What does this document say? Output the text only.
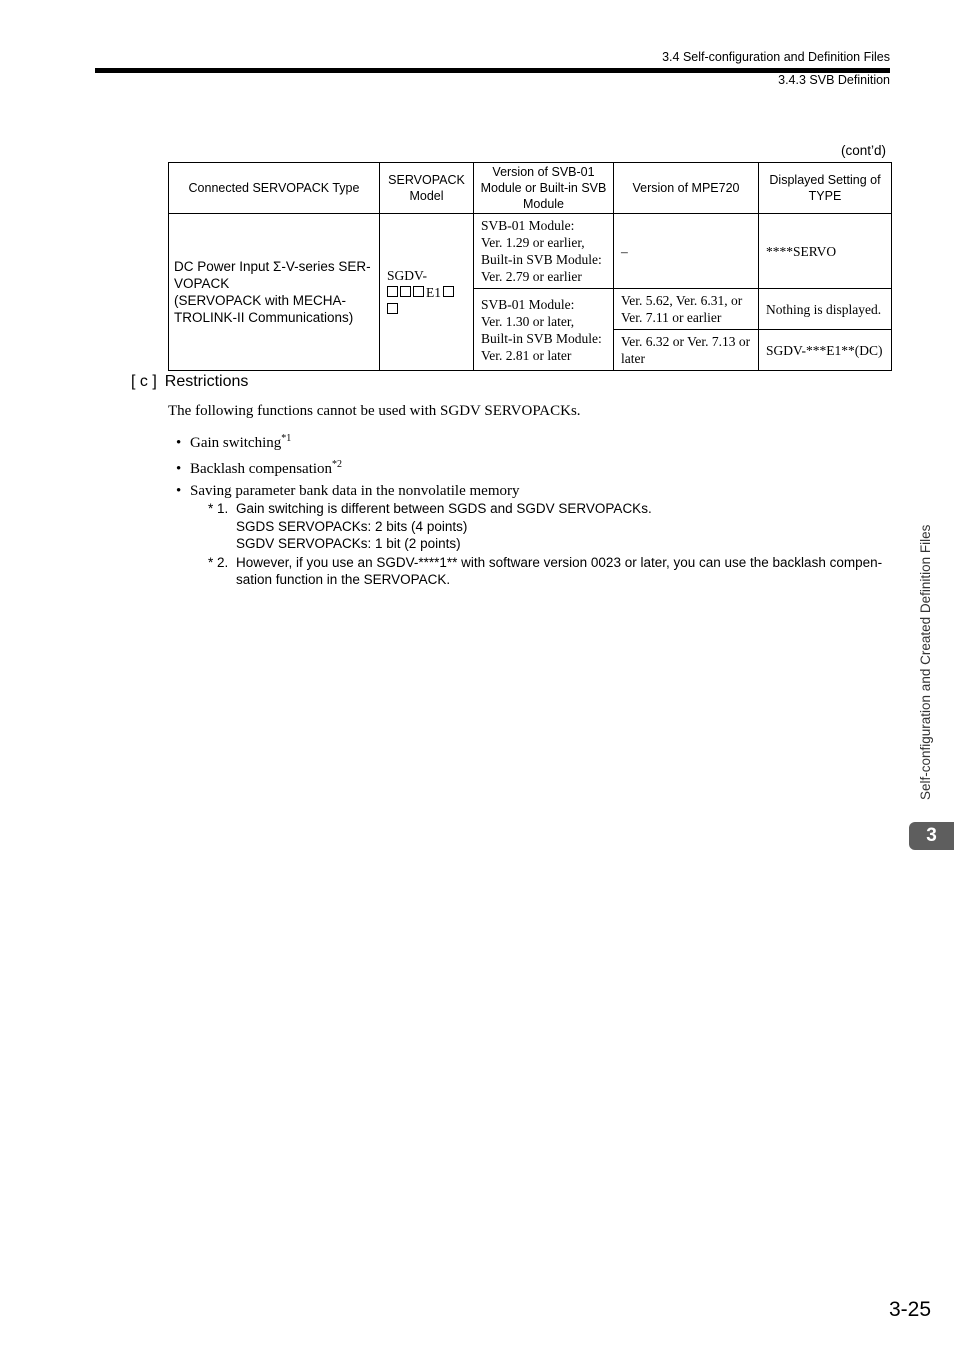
3.4 Self-configuration and Definition Files
3.4.3 SVB Definition
(cont’d)
Connected SERVOPACK Type	SERVOPACK Model	Version of SVB-01 Module or Built-in SVB Module	Version of MPE720	Displayed Setting of TYPE
DC Power Input Σ-V-series SER-
VOPACK
(SERVOPACK with MECHA-
TROLINK-II Communications)	SGDV-
E1	SVB-01 Module:
Ver. 1.29 or earlier,
Built-in SVB Module:
Ver. 2.79 or earlier	–	****SERVO
		SVB-01 Module:
Ver. 1.30 or later,
Built-in SVB Module:
Ver. 2.81 or later	Ver. 5.62, Ver. 6.31, or
Ver. 7.11 or earlier	Nothing is displayed.
			Ver. 6.32 or Ver. 7.13 or
later	SGDV-***E1**(DC)
[ c ] Restrictions
The following functions cannot be used with SGDV SERVOPACKs.
• Gain switching$^{*1}$
• Backlash compensation$^{*2}$
• Saving parameter bank data in the nonvolatile memory
* 1. Gain switching is different between SGDS and SGDV SERVOPACKs.
SGDS SERVOPACKs: 2 bits (4 points)
SGDV SERVOPACKs: 1 bit (2 points)
* 2. However, if you use an SGDV-****1** with software version 0023 or later, you can use the backlash compen-
sation function in the SERVOPACK.	Self-configuration and Created Definition Files
3
3-25
